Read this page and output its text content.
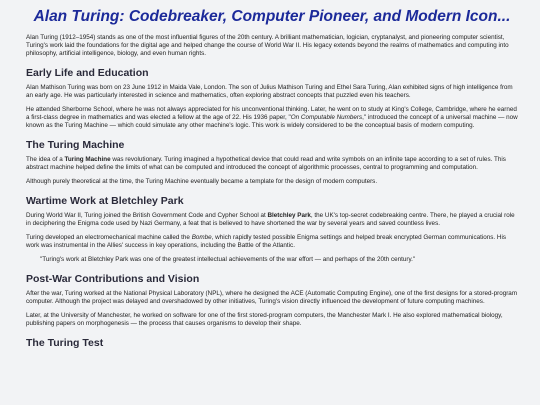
Alan Turing: Codebreaker, Computer Pioneer, and Modern Icon...

Alan Turing (1912–1954) stands as one of the most influential figures of the 20th century. A brilliant mathematician, logician, cryptanalyst, and pioneering computer scientist, Turing's work laid the foundations for the digital age and helped change the course of World War II. His legacy extends beyond the realms of mathematics and computing into philosophy, artificial intelligence, biology, and even human rights.

Early Life and Education

Alan Mathison Turing was born on 23 June 1912 in Maida Vale, London. The son of Julius Mathison Turing and Ethel Sara Turing, Alan exhibited signs of high intelligence from an early age. He was particularly interested in science and mathematics, often exploring abstract concepts that puzzled even his teachers.

He attended Sherborne School, where he was not always appreciated for his unconventional thinking. Later, he went on to study at King's College, Cambridge, where he earned a first-class degree in mathematics and was elected a fellow at the age of 22. His 1936 paper, "On Computable Numbers," introduced the concept of a universal machine — now known as the Turing Machine — which could simulate any other machine's logic. This work is widely considered to be the conceptual basis of modern computing.

The Turing Machine

The idea of a Turing Machine was revolutionary. Turing imagined a hypothetical device that could read and write symbols on an infinite tape according to a set of rules. This abstract machine helped define the limits of what can be computed and introduced the concept of algorithmic processes, central to programming and computation.

Although purely theoretical at the time, the Turing Machine eventually became a template for the design of modern computers.

Wartime Work at Bletchley Park

During World War II, Turing joined the British Government Code and Cypher School at Bletchley Park, the UK's top-secret codebreaking centre. There, he played a crucial role in deciphering the Enigma code used by Nazi Germany, a feat that is believed to have shortened the war by several years and saved countless lives.

Turing developed an electromechanical machine called the Bombe, which rapidly tested possible Enigma settings and helped break encrypted German communications. His work was instrumental in the Allies' success in key operations, including the Battle of the Atlantic.

"Turing's work at Bletchley Park was one of the greatest intellectual achievements of the war effort — and perhaps of the 20th century."
Post-War Contributions and Vision

After the war, Turing worked at the National Physical Laboratory (NPL), where he designed the ACE (Automatic Computing Engine), one of the first designs for a stored-program computer. Although the project was delayed and overshadowed by other initiatives, Turing's vision directly influenced the development of future computing machines.

Later, at the University of Manchester, he worked on software for one of the first stored-program computers, the Manchester Mark I. He also explored mathematical biology, publishing papers on morphogenesis — the process that causes organisms to develop their shape.

The Turing Test
